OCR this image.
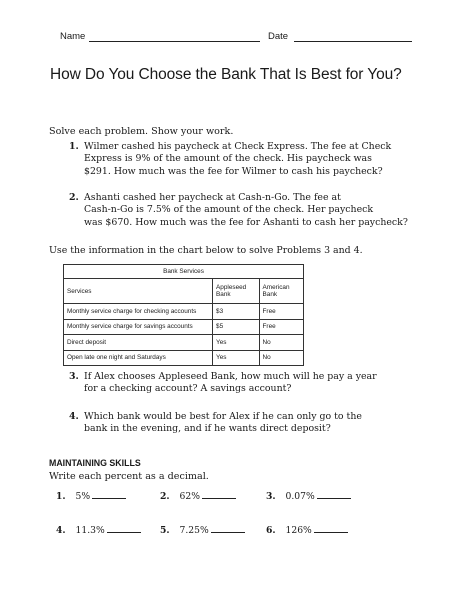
Name	Date
How Do You Choose the Bank That Is Best for You?
Solve each problem. Show your work.
1. Wilmer cashed his paycheck at Check Express. The fee at Check
Express is 9% of the amount of the check. His paycheck was
$291. How much was the fee for Wilmer to cash his paycheck?
2. Ashanti cashed her paycheck at Cash-n-Go. The fee at
Cash-n-Go is 7.5% of the amount of the check. Her paycheck
was $670. How much was the fee for Ashanti to cash her paycheck?
Use the information in the chart below to solve Problems 3 and 4.
Bank Services		
Services	Appleseed Bank	American Bank
Monthly service charge for checking accounts	$3	Free
Monthly service charge for savings accounts	$5	Free
Direct deposit	Yes	No
Open late one night and Saturdays	Yes	No
3. If Alex chooses Appleseed Bank, how much will he pay a year
for a checking account? A savings account?
4. Which bank would be best for Alex if he can only go to the
bank in the evening, and if he wants direct deposit?
MAINTAINING SKILLS
Write each percent as a decimal.
1. 5%	2. 62%	3. 0.07%
4. 11.3%	5. 7.25%	6. 126%
